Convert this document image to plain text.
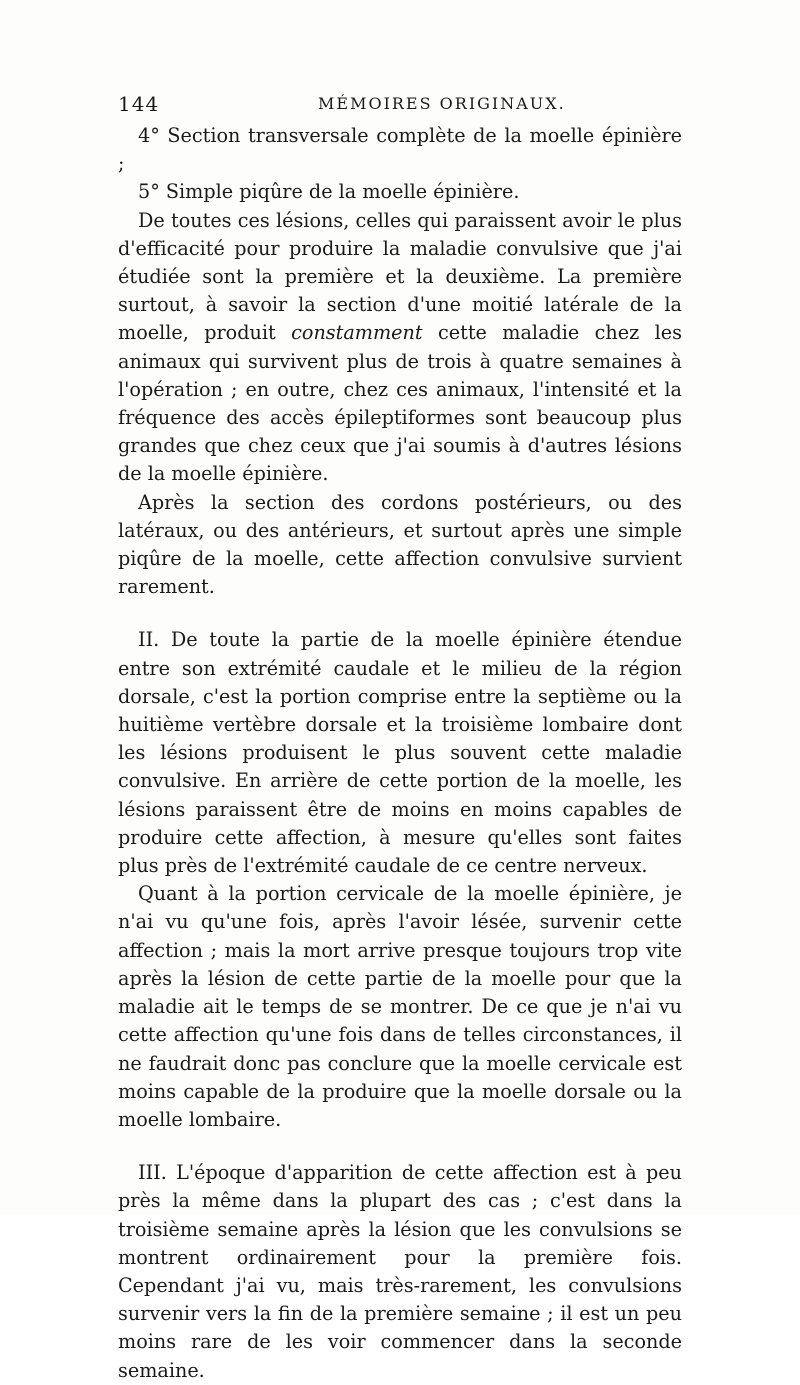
144	MÉMOIRES ORIGINAUX.

4° Section transversale complète de la moelle épinière ;

5° Simple piqûre de la moelle épinière.

De toutes ces lésions, celles qui paraissent avoir le plus d'efficacité pour produire la maladie convulsive que j'ai étudiée sont la première et la deuxième. La première surtout, à savoir la section d'une moitié latérale de la moelle, produit constamment cette maladie chez les animaux qui survivent plus de trois à quatre semaines à l'opération ; en outre, chez ces animaux, l'intensité et la fréquence des accès épileptiformes sont beaucoup plus grandes que chez ceux que j'ai soumis à d'autres lésions de la moelle épinière.

Après la section des cordons postérieurs, ou des latéraux, ou des antérieurs, et surtout après une simple piqûre de la moelle, cette affection convulsive survient rarement.

II. De toute la partie de la moelle épinière étendue entre son extrémité caudale et le milieu de la région dorsale, c'est la portion comprise entre la septième ou la huitième vertèbre dorsale et la troisième lombaire dont les lésions produisent le plus souvent cette maladie convulsive. En arrière de cette portion de la moelle, les lésions paraissent être de moins en moins capables de produire cette affection, à mesure qu'elles sont faites plus près de l'extrémité caudale de ce centre nerveux.

Quant à la portion cervicale de la moelle épinière, je n'ai vu qu'une fois, après l'avoir lésée, survenir cette affection ; mais la mort arrive presque toujours trop vite après la lésion de cette partie de la moelle pour que la maladie ait le temps de se montrer. De ce que je n'ai vu cette affection qu'une fois dans de telles circonstances, il ne faudrait donc pas conclure que la moelle cervicale est moins capable de la produire que la moelle dorsale ou la moelle lombaire.

III. L'époque d'apparition de cette affection est à peu près la même dans la plupart des cas ; c'est dans la troisième semaine après la lésion que les convulsions se montrent ordinairement pour la première fois. Cependant j'ai vu, mais très-rarement, les convulsions survenir vers la fin de la première semaine ; il est un peu moins rare de les voir commencer dans la seconde semaine.
